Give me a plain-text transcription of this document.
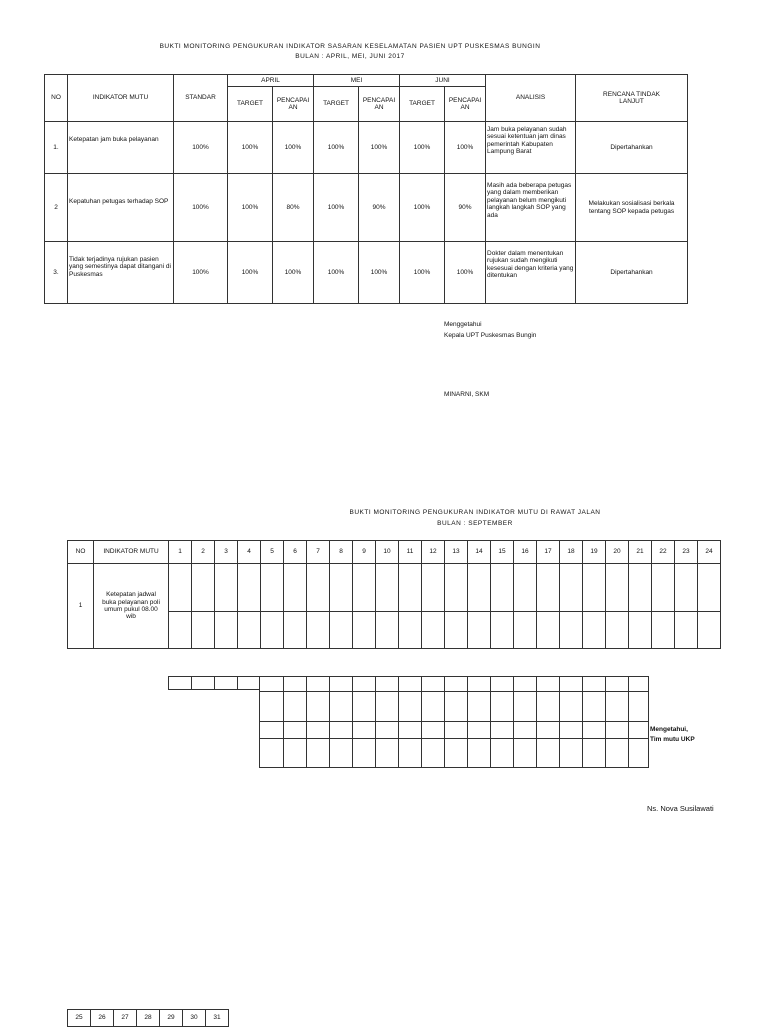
BUKTI MONITORING PENGUKURAN INDIKATOR SASARAN KESELAMATAN PASIEN UPT PUSKESMAS BUNGIN
BULAN : APRIL, MEI, JUNI 2017
NO	INDIKATOR MUTU	STANDAR	APRIL		MEI		JUNI		ANALISIS	RENCANA TINDAK LANJUT
			TARGET	PENCAPAI AN	TARGET	PENCAPAI AN	TARGET	PENCAPAI AN		
1.	Ketepatan jam buka pelayanan	100%	100%	100%	100%	100%	100%	100%	Jam buka pelayanan sudah sesuai ketentuan jam dinas pemerintah Kabupaten Lampung Barat	Dipertahankan
2	Kepatuhan petugas terhadap SOP	100%	100%	80%	100%	90%	100%	90%	Masih ada beberapa petugas yang dalam memberikan pelayanan belum mengikuti langkah langkah SOP yang ada	Melakukan sosialisasi berkala tentang SOP kepada petugas
3.	Tidak terjadinya rujukan pasien yang semestinya dapat ditangani di Puskesmas	100%	100%	100%	100%	100%	100%	100%	Dokter dalam menentukan rujukan sudah mengikuti kesesuai dengan kriteria yang ditentukan	Dipertahankan
Menggetahui
Kepala UPT Puskesmas Bungin
MINARNI, SKM
BUKTI MONITORING PENGUKURAN INDIKATOR MUTU DI RAWAT JALAN
BULAN : SEPTEMBER
NO	INDIKATOR MUTU	1	2	3	4	5	6	7	8	9	10	11	12	13	14	15	16	17	18	19	20	21	22	23	24
1	Ketepatan jadwal buka pelayanan poli umum pukul 08.00 wib																								

Mengetahui,
Tim mutu UKP
Ns. Nova Susilawati
25	26	27	28	29	30	31
